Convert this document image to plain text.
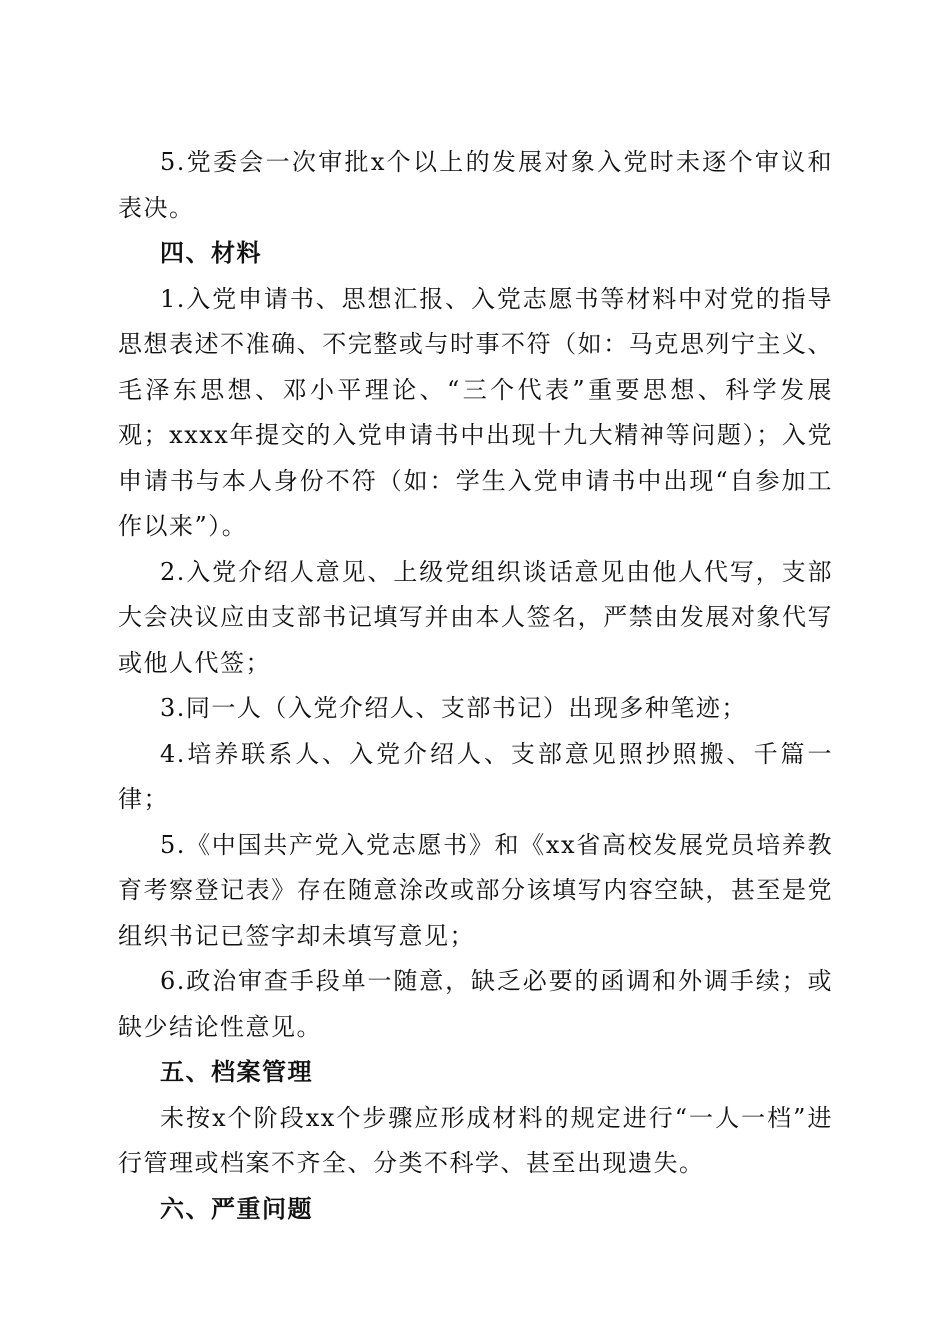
5.党委会一次审批x个以上的发展对象入党时未逐个审议和表决。

四、材料

1.入党申请书、思想汇报、入党志愿书等材料中对党的指导思想表述不准确、不完整或与时事不符（如：马克思列宁主义、毛泽东思想、邓小平理论、“三个代表”重要思想、科学发展观；xxxx年提交的入党申请书中出现十九大精神等问题）；入党申请书与本人身份不符（如：学生入党申请书中出现“自参加工作以来”）。

2.入党介绍人意见、上级党组织谈话意见由他人代写，支部大会决议应由支部书记填写并由本人签名，严禁由发展对象代写或他人代签；

3.同一人（入党介绍人、支部书记）出现多种笔迹；

4.培养联系人、入党介绍人、支部意见照抄照搬、千篇一律；

5.《中国共产党入党志愿书》和《xx省高校发展党员培养教育考察登记表》存在随意涂改或部分该填写内容空缺，甚至是党组织书记已签字却未填写意见；

6.政治审查手段单一随意，缺乏必要的函调和外调手续；或缺少结论性意见。

五、档案管理

未按x个阶段xx个步骤应形成材料的规定进行“一人一档”进行管理或档案不齐全、分类不科学、甚至出现遗失。

六、严重问题
